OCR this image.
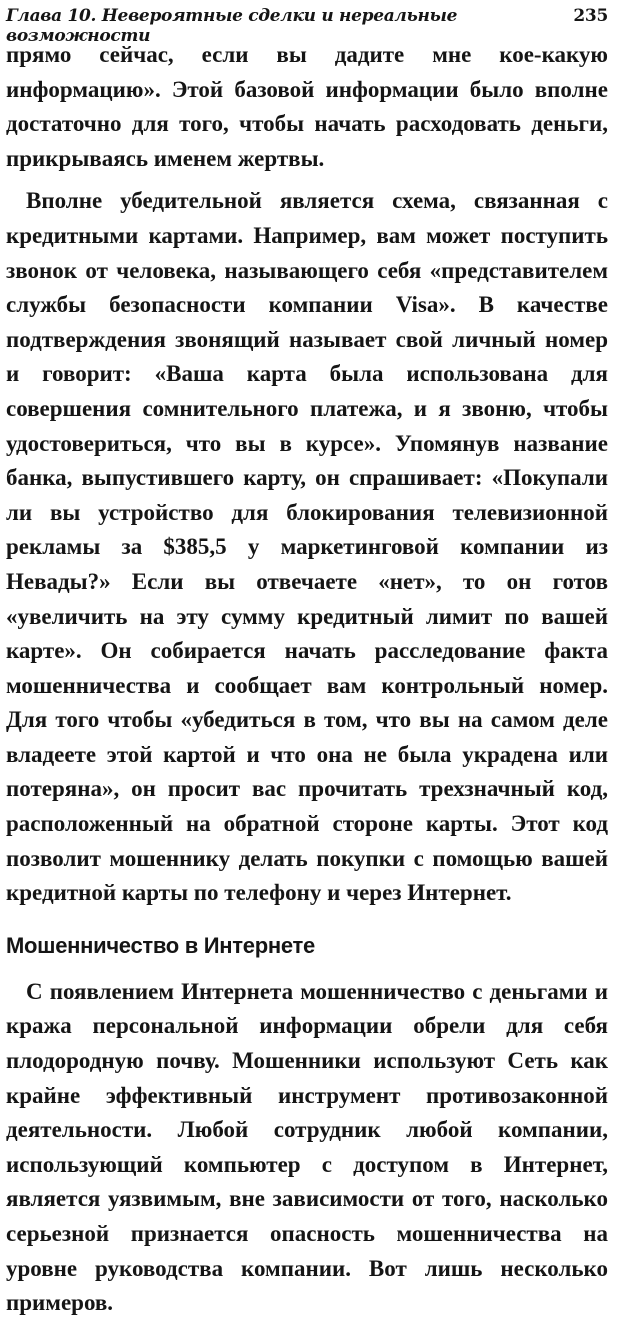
Глава 10. Невероятные сделки и нереальные возможности
235

прямо сейчас, если вы дадите мне кое-какую информацию». Этой базовой информации было вполне достаточно для того, чтобы начать расходовать деньги, прикрываясь именем жертвы.

Вполне убедительной является схема, связанная с кредитными картами. Например, вам может поступить звонок от человека, называющего себя «представителем службы безопасности компании Visa». В качестве подтверждения звонящий называет свой личный номер и говорит: «Ваша карта была использована для совершения сомнительного платежа, и я звоню, чтобы удостовериться, что вы в курсе». Упомянув название банка, выпустившего карту, он спрашивает: «Покупали ли вы устройство для блокирования телевизионной рекламы за $385,5 у маркетинговой компании из Невады?» Если вы отвечаете «нет», то он готов «увеличить на эту сумму кредитный лимит по вашей карте». Он собирается начать расследование факта мошенничества и сообщает вам контрольный номер. Для того чтобы «убедиться в том, что вы на самом деле владеете этой картой и что она не была украдена или потеряна», он просит вас прочитать трехзначный код, расположенный на обратной стороне карты. Этот код позволит мошеннику делать покупки с помощью вашей кредитной карты по телефону и через Интернет.

Мошенничество в Интернете

С появлением Интернета мошенничество с деньгами и кража персональной информации обрели для себя плодородную почву. Мошенники используют Сеть как крайне эффективный инструмент противозаконной деятельности. Любой сотрудник любой компании, использующий компьютер с доступом в Интернет, является уязвимым, вне зависимости от того, насколько серьезной признается опасность мошенничества на уровне руководства компании. Вот лишь несколько примеров.
